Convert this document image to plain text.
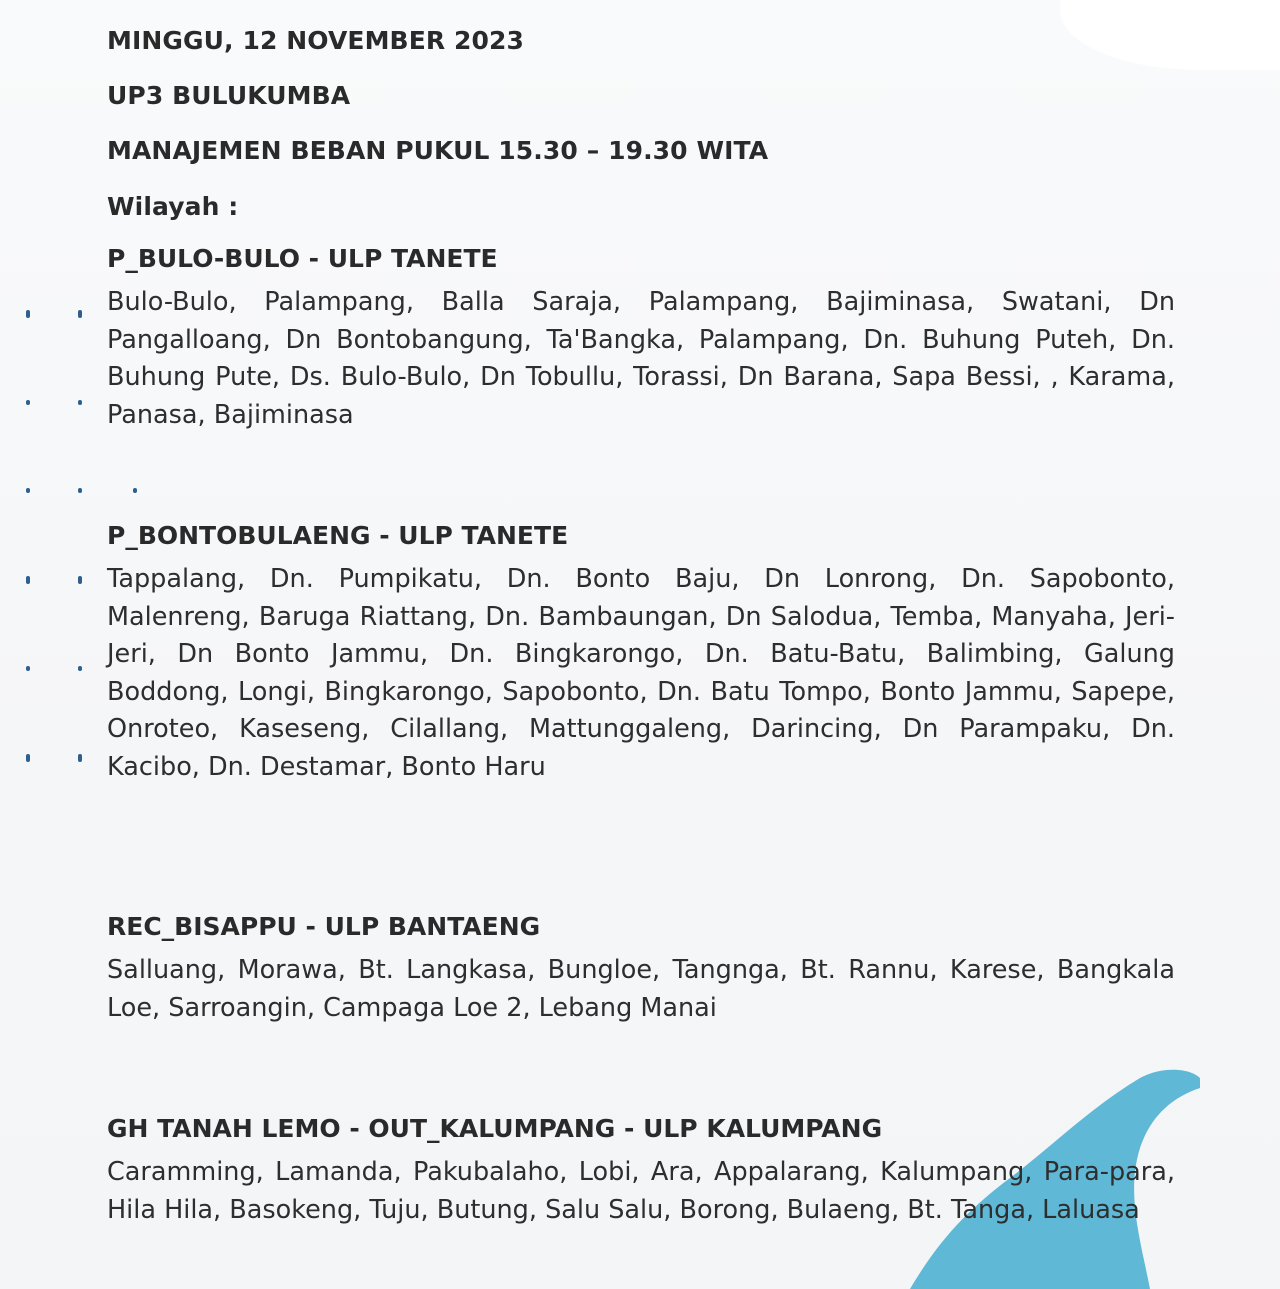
MINGGU, 12 NOVEMBER 2023

UP3 BULUKUMBA

MANAJEMEN BEBAN PUKUL 15.30 – 19.30 WITA

Wilayah :

P_BULO-BULO - ULP TANETE

Bulo-Bulo, Palampang, Balla Saraja, Palampang, Bajiminasa, Swatani, Dn Pangalloang, Dn Bontobangung, Ta'Bangka, Palampang, Dn. Buhung Puteh, Dn. Buhung Pute, Ds. Bulo-Bulo, Dn Tobullu, Torassi, Dn Barana, Sapa Bessi, , Karama, Panasa, Bajiminasa

P_BONTOBULAENG - ULP TANETE

Tappalang, Dn. Pumpikatu, Dn. Bonto Baju, Dn Lonrong, Dn. Sapobonto, Malenreng, Baruga Riattang, Dn. Bambaungan, Dn Salodua, Temba, Manyaha, Jeri-Jeri, Dn Bonto Jammu, Dn. Bingkarongo, Dn. Batu-Batu, Balimbing, Galung Boddong, Longi, Bingkarongo, Sapobonto, Dn. Batu Tompo, Bonto Jammu, Sapepe, Onroteo, Kaseseng, Cilallang, Mattunggaleng, Darincing, Dn Parampaku, Dn. Kacibo, Dn. Destamar, Bonto Haru

REC_BISAPPU - ULP BANTAENG

Salluang, Morawa, Bt. Langkasa, Bungloe, Tangnga, Bt. Rannu, Karese, Bangkala Loe, Sarroangin, Campaga Loe 2, Lebang Manai

GH TANAH LEMO - OUT_KALUMPANG - ULP KALUMPANG

Caramming, Lamanda, Pakubalaho, Lobi, Ara, Appalarang, Kalumpang, Para-para, Hila Hila, Basokeng, Tuju, Butung, Salu Salu, Borong, Bulaeng, Bt. Tanga, Laluasa
